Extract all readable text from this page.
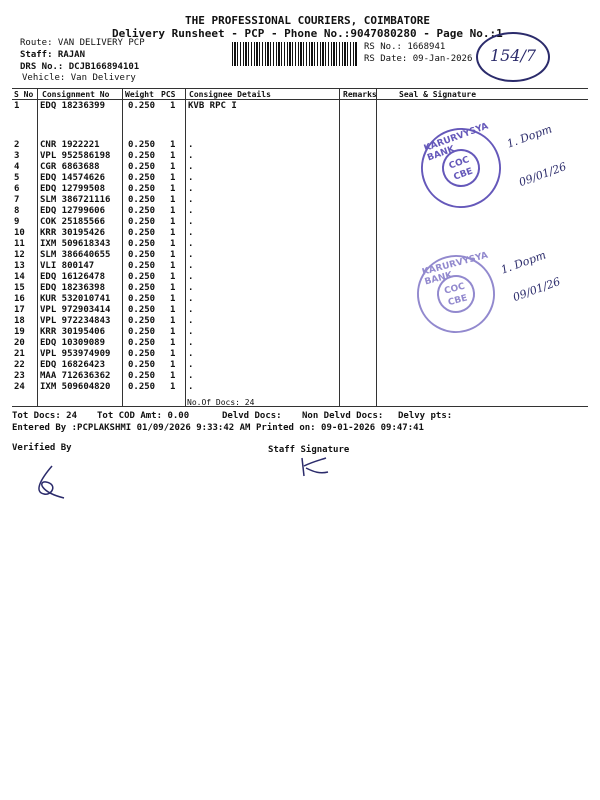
THE PROFESSIONAL COURIERS, COIMBATORE
Delivery Runsheet - PCP - Phone No.:9047080280 - Page No.:1
Route: VAN DELIVERY PCP
Staff: RAJAN
DRS No.: DCJB166894101
Vehicle: Van Delivery
RS No.: 1668941
RS Date: 09-Jan-2026	154/7
S No Consignment No Weight PCS Consignee Details	Remarks	Seal & Signature
1 EDQ 18236399	0.250 1 KVB RPC I
2 CNR 1922221	0.250 1 .
3 VPL 952586198 0.250 1 .
4 CGR 6863688	0.250 1 .
5 EDQ 14574626	0.250 1 .
6 EDQ 12799508	0.250 1 .
7 SLM 386721116 0.250 1 .
8 EDQ 12799606	0.250 1 .
9 COK 25185566	0.250 1 .
10 KRR 30195426	0.250 1 .
11 IXM 509618343 0.250 1 .
12 SLM 386640655 0.250 1 .
13 VLI 800147	0.250 1 .
14 EDQ 16126478	0.250 1 .
15 EDQ 18236398	0.250 1 .
16 KUR 532010741 0.250 1 .
17 VPL 972903414 0.250 1 .
18 VPL 972234843 0.250 1 .
19 KRR 30195406	0.250 1 .
20 EDQ 10309089	0.250 1 .
21 VPL 953974909 0.250 1 .
22 EDQ 16826423	0.250 1 .
23 MAA 712636362 0.250 1 .
24 IXM 509604820 0.250 1 .
No.Of Docs: 24
KARURVYSYA BANK
COC CBE
1. Dopm
09/01/26
KARURVYSYA BANK
COC CBE
1. Dopm
09/01/26
Tot Docs: 24 Tot COD Amt: 0.00	Delvd Docs: Non Delvd Docs: Delvy pts:
Entered By :PCPLAKSHMI 01/09/2026 9:33:42 AM Printed on: 09-01-2026 09:47:41
Verified By	Staff Signature
